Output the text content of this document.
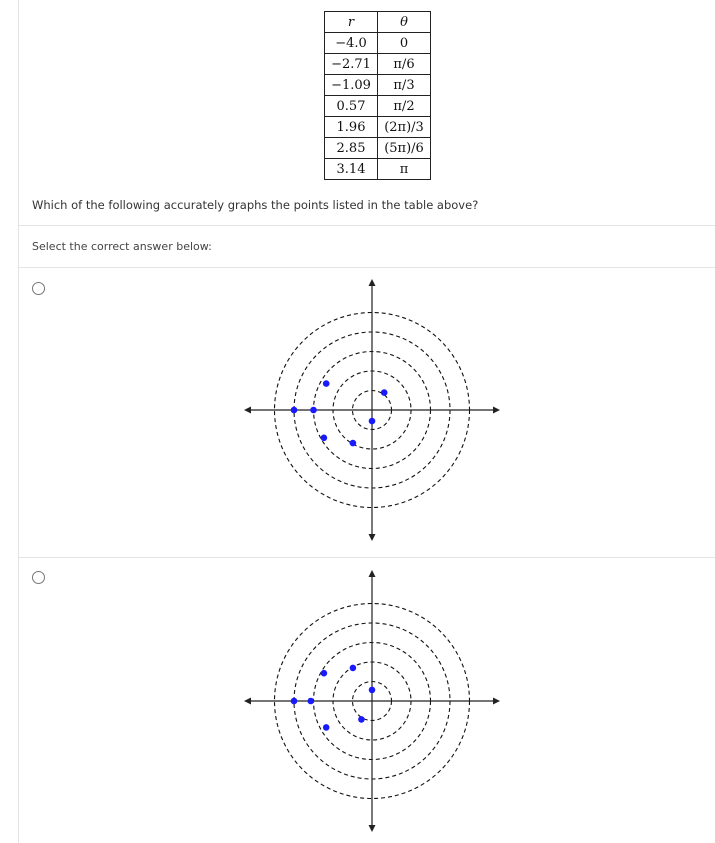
r	θ
−4.0	0
−2.71	π/6
−1.09	π/3
0.57	π/2
1.96	(2π)/3
2.85	(5π)/6
3.14	π
Which of the following accurately graphs the points listed in the table above?
Select the correct answer below:
